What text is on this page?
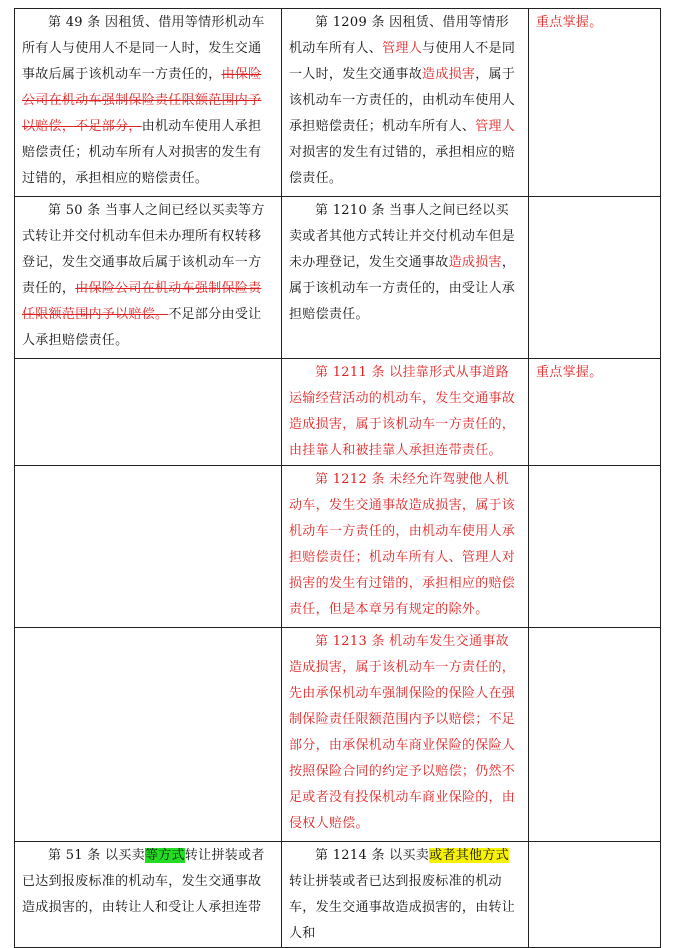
第 49 条 因租赁、借用等情形机动车所有人与使用人不是同一人时，发生交通事故后属于该机动车一方责任的，由保险公司在机动车强制保险责任限额范围内予以赔偿，不足部分，由机动车使用人承担赔偿责任；机动车所有人对损害的发生有过错的，承担相应的赔偿责任。	第 1209 条 因租赁、借用等情形机动车所有人、管理人与使用人不是同一人时，发生交通事故造成损害，属于该机动车一方责任的，由机动车使用人承担赔偿责任；机动车所有人、管理人对损害的发生有过错的，承担相应的赔偿责任。	重点掌握。
第 50 条 当事人之间已经以买卖等方式转让并交付机动车但未办理所有权转移登记，发生交通事故后属于该机动车一方责任的，由保险公司在机动车强制保险责任限额范围内予以赔偿。不足部分由受让人承担赔偿责任。	第 1210 条 当事人之间已经以买卖或者其他方式转让并交付机动车但是未办理登记，发生交通事故造成损害，属于该机动车一方责任的，由受让人承担赔偿责任。	
	第 1211 条 以挂靠形式从事道路运输经营活动的机动车，发生交通事故造成损害，属于该机动车一方责任的，由挂靠人和被挂靠人承担连带责任。	重点掌握。
	第 1212 条 未经允许驾驶他人机动车，发生交通事故造成损害，属于该机动车一方责任的，由机动车使用人承担赔偿责任；机动车所有人、管理人对损害的发生有过错的，承担相应的赔偿责任，但是本章另有规定的除外。	
	第 1213 条 机动车发生交通事故造成损害，属于该机动车一方责任的，先由承保机动车强制保险的保险人在强制保险责任限额范围内予以赔偿；不足部分，由承保机动车商业保险的保险人按照保险合同的约定予以赔偿；仍然不足或者没有投保机动车商业保险的，由侵权人赔偿。	
第 51 条 以买卖等方式转让拼装或者已达到报废标准的机动车，发生交通事故造成损害的，由转让人和受让人承担连带	第 1214 条 以买卖或者其他方式转让拼装或者已达到报废标准的机动车，发生交通事故造成损害的，由转让人和	
